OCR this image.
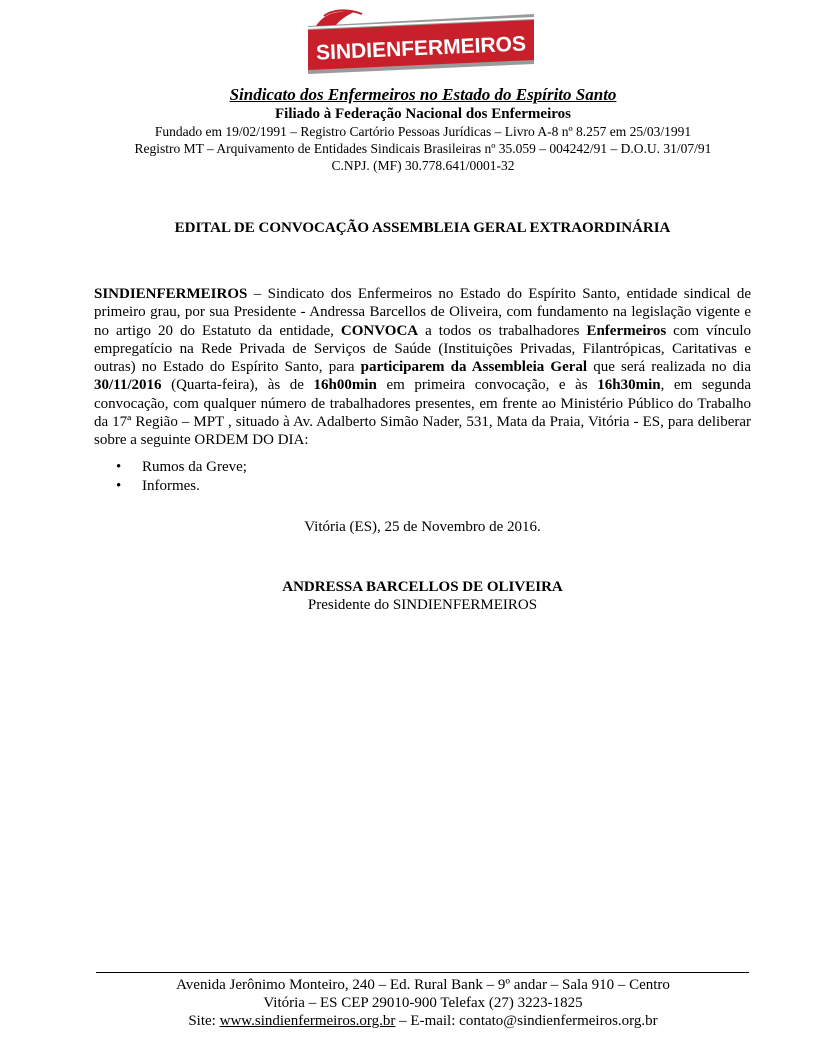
SINDIENFERMEIROS
Sindicato dos Enfermeiros no Estado do Espírito Santo
Filiado à Federação Nacional dos Enfermeiros
Fundado em 19/02/1991 – Registro Cartório Pessoas Jurídicas – Livro A-8 nº 8.257 em 25/03/1991
Registro MT – Arquivamento de Entidades Sindicais Brasileiras nº 35.059 – 004242/91 – D.O.U. 31/07/91
C.NPJ. (MF) 30.778.641/0001-32
EDITAL DE CONVOCAÇÃO ASSEMBLEIA GERAL EXTRAORDINÁRIA
SINDIENFERMEIROS – Sindicato dos Enfermeiros no Estado do Espírito Santo, entidade sindical de primeiro grau, por sua Presidente - Andressa Barcellos de Oliveira, com fundamento na legislação vigente e no artigo 20 do Estatuto da entidade, CONVOCA a todos os trabalhadores Enfermeiros com vínculo empregatício na Rede Privada de Serviços de Saúde (Instituições Privadas, Filantrópicas, Caritativas e outras) no Estado do Espírito Santo, para participarem da Assembleia Geral que será realizada no dia 30/11/2016 (Quarta-feira), às de 16h00min em primeira convocação, e às 16h30min, em segunda convocação, com qualquer número de trabalhadores presentes, em frente ao Ministério Público do Trabalho da 17ª Região – MPT , situado à Av. Adalberto Simão Nader, 531, Mata da Praia, Vitória - ES, para deliberar sobre a seguinte ORDEM DO DIA:
• Rumos da Greve;
• Informes.
Vitória (ES), 25 de Novembro de 2016.
ANDRESSA BARCELLOS DE OLIVEIRA
Presidente do SINDIENFERMEIROS
Avenida Jerônimo Monteiro, 240 – Ed. Rural Bank – 9º andar – Sala 910 – Centro
Vitória – ES CEP 29010-900 Telefax (27) 3223-1825
Site: www.sindienfermeiros.org.br – E-mail: contato@sindienfermeiros.org.br
